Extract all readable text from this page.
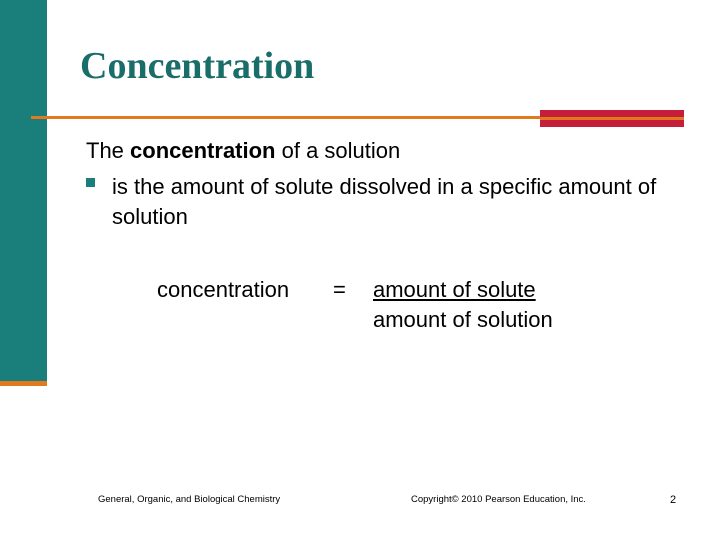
Concentration
The concentration of a solution
is the amount of solute dissolved in a specific amount of solution
concentration = amount of solute
amount of solution
General, Organic, and Biological Chemistry	Copyright© 2010 Pearson Education, Inc.	2
